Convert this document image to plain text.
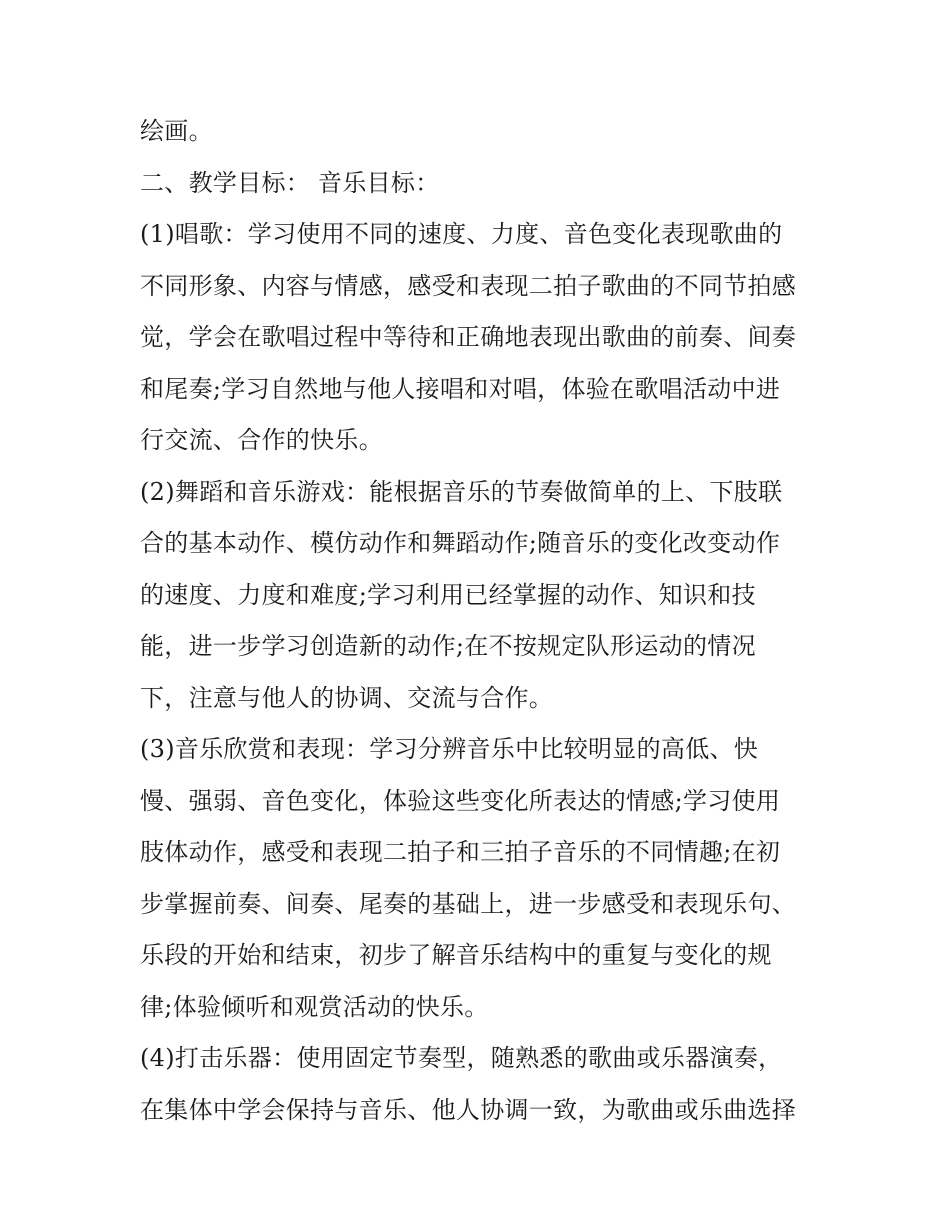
绘画。
二、教学目标： 音乐目标：
(1)唱歌：学习使用不同的速度、力度、音色变化表现歌曲的
不同形象、内容与情感，感受和表现二拍子歌曲的不同节拍感
觉，学会在歌唱过程中等待和正确地表现出歌曲的前奏、间奏
和尾奏;学习自然地与他人接唱和对唱，体验在歌唱活动中进
行交流、合作的快乐。
(2)舞蹈和音乐游戏：能根据音乐的节奏做简单的上、下肢联
合的基本动作、模仿动作和舞蹈动作;随音乐的变化改变动作
的速度、力度和难度;学习利用已经掌握的动作、知识和技
能，进一步学习创造新的动作;在不按规定队形运动的情况
下，注意与他人的协调、交流与合作。
(3)音乐欣赏和表现：学习分辨音乐中比较明显的高低、快
慢、强弱、音色变化，体验这些变化所表达的情感;学习使用
肢体动作，感受和表现二拍子和三拍子音乐的不同情趣;在初
步掌握前奏、间奏、尾奏的基础上，进一步感受和表现乐句、
乐段的开始和结束，初步了解音乐结构中的重复与变化的规
律;体验倾听和观赏活动的快乐。
(4)打击乐器：使用固定节奏型，随熟悉的歌曲或乐器演奏，
在集体中学会保持与音乐、他人协调一致，为歌曲或乐曲选择
